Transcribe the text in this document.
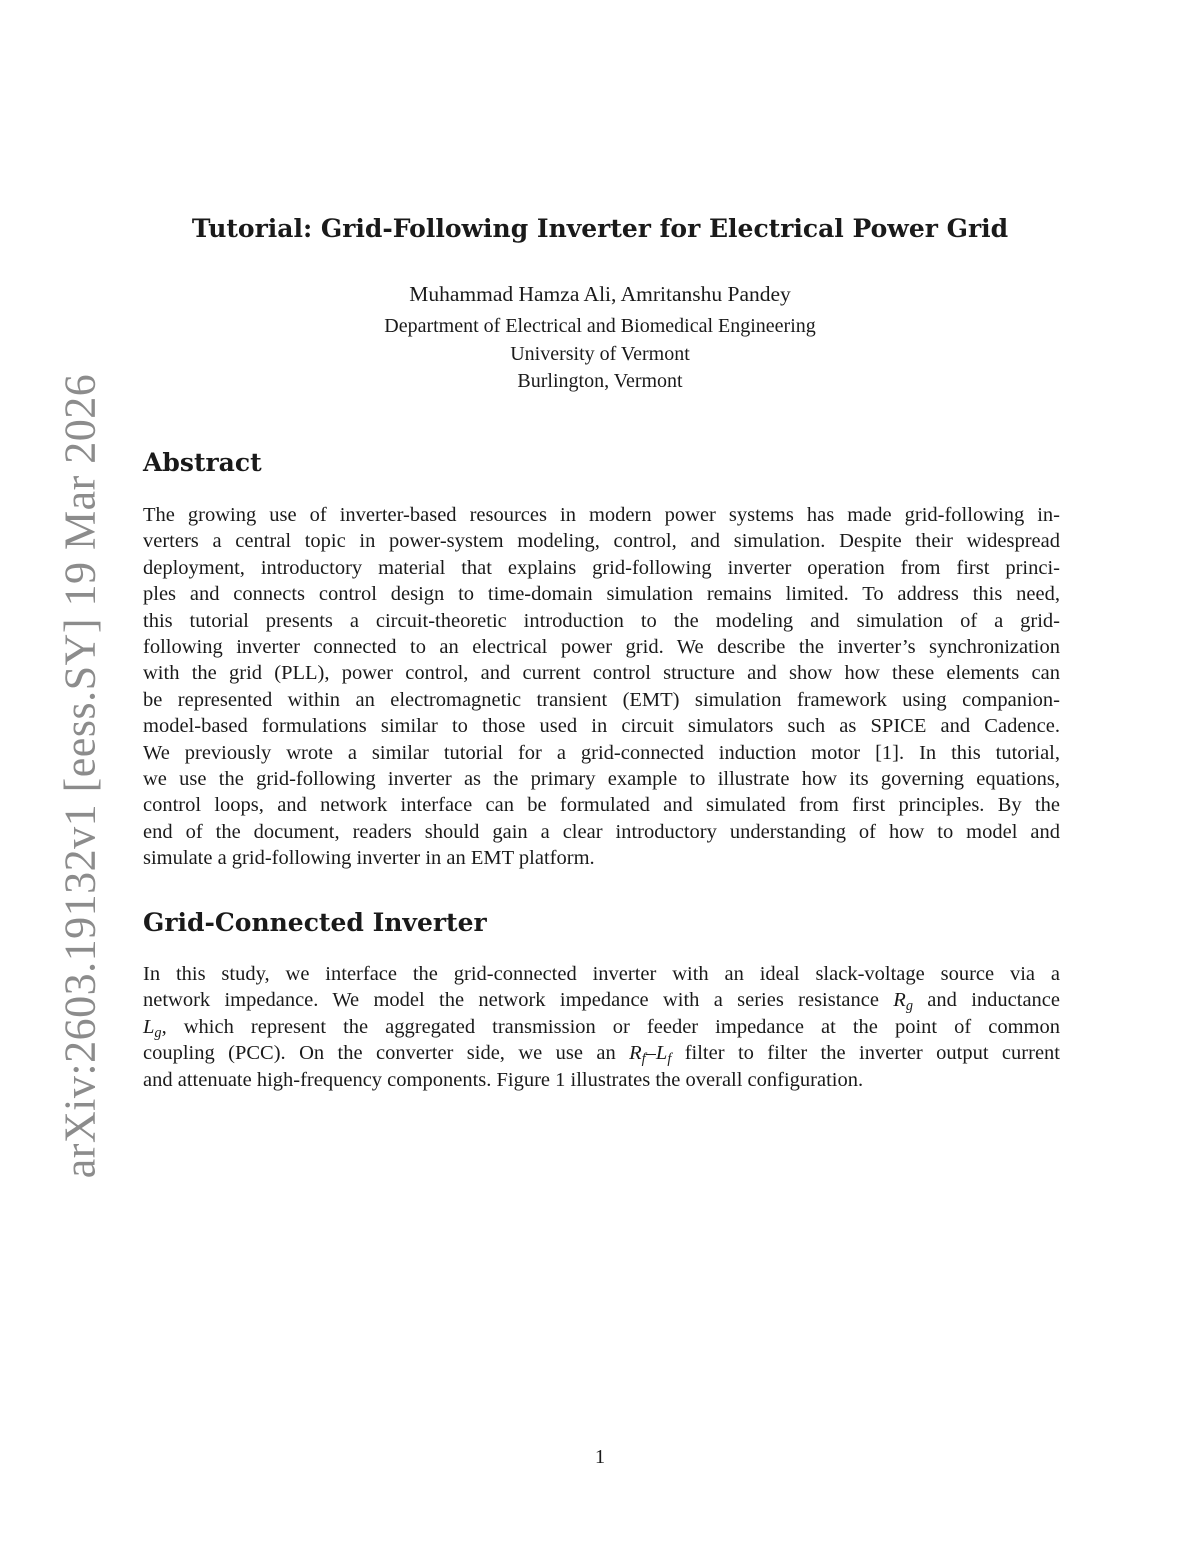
arXiv:2603.19132v1 [eess.SY] 19 Mar 2026
Tutorial: Grid-Following Inverter for Electrical Power Grid
Muhammad Hamza Ali, Amritanshu Pandey
Department of Electrical and Biomedical Engineering
University of Vermont
Burlington, Vermont
Abstract
The growing use of inverter-based resources in modern power systems has made grid-following in-
verters a central topic in power-system modeling, control, and simulation. Despite their widespread
deployment, introductory material that explains grid-following inverter operation from first princi-
ples and connects control design to time-domain simulation remains limited. To address this need,
this tutorial presents a circuit-theoretic introduction to the modeling and simulation of a grid-
following inverter connected to an electrical power grid. We describe the inverter’s synchronization
with the grid (PLL), power control, and current control structure and show how these elements can
be represented within an electromagnetic transient (EMT) simulation framework using companion-
model-based formulations similar to those used in circuit simulators such as SPICE and Cadence.
We previously wrote a similar tutorial for a grid-connected induction motor [1]. In this tutorial,
we use the grid-following inverter as the primary example to illustrate how its governing equations,
control loops, and network interface can be formulated and simulated from first principles. By the
end of the document, readers should gain a clear introductory understanding of how to model and
simulate a grid-following inverter in an EMT platform.
Grid-Connected Inverter
In this study, we interface the grid-connected inverter with an ideal slack-voltage source via a
network impedance. We model the network impedance with a series resistance $R_g$ and inductance
$L_g$, which represent the aggregated transmission or feeder impedance at the point of common
coupling (PCC). On the converter side, we use an $R_f-L_f$ filter to filter the inverter output current
and attenuate high-frequency components. Figure 1 illustrates the overall configuration.
1
